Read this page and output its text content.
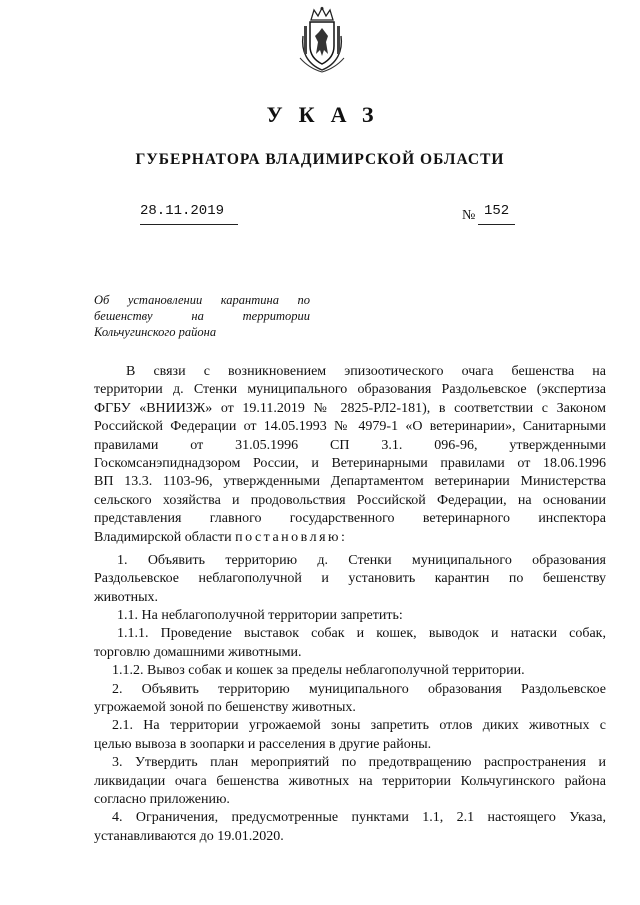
УКАЗ
ГУБЕРНАТОРА ВЛАДИМИРСКОЙ ОБЛАСТИ
28.11.2019	№ 152
Об установлении карантина по
бешенству на территории
Кольчугинского района
В связи с возникновением эпизоотического очага бешенства на
территории д. Стенки муниципального образования Раздольевское (экспертиза
ФГБУ «ВНИИЗЖ» от 19.11.2019 № 2825-РЛ2-181), в соответствии с Законом
Российской Федерации от 14.05.1993 № 4979-1 «О ветеринарии», Санитарными
правилами от 31.05.1996 СП 3.1. 096-96, утвержденными
Госкомсанэпиднадзором России, и Ветеринарными правилами от 18.06.1996
ВП 13.3. 1103-96, утвержденными Департаментом ветеринарии Министерства
сельского хозяйства и продовольствия Российской Федерации, на основании
представления главного государственного ветеринарного инспектора
Владимирской области постановляю:
1. Объявить территорию д. Стенки муниципального образования
Раздольевское неблагополучной и установить карантин по бешенству
животных.
1.1. На неблагополучной территории запретить:
1.1.1. Проведение выставок собак и кошек, выводок и натаски собак,
торговлю домашними животными.
1.1.2. Вывоз собак и кошек за пределы неблагополучной территории.
2. Объявить территорию муниципального образования Раздольевское
угрожаемой зоной по бешенству животных.
2.1. На территории угрожаемой зоны запретить отлов диких животных с
целью вывоза в зоопарки и расселения в другие районы.
3. Утвердить план мероприятий по предотвращению распространения и
ликвидации очага бешенства животных на территории Кольчугинского района
согласно приложению.
4. Ограничения, предусмотренные пунктами 1.1, 2.1 настоящего Указа,
устанавливаются до 19.01.2020.
